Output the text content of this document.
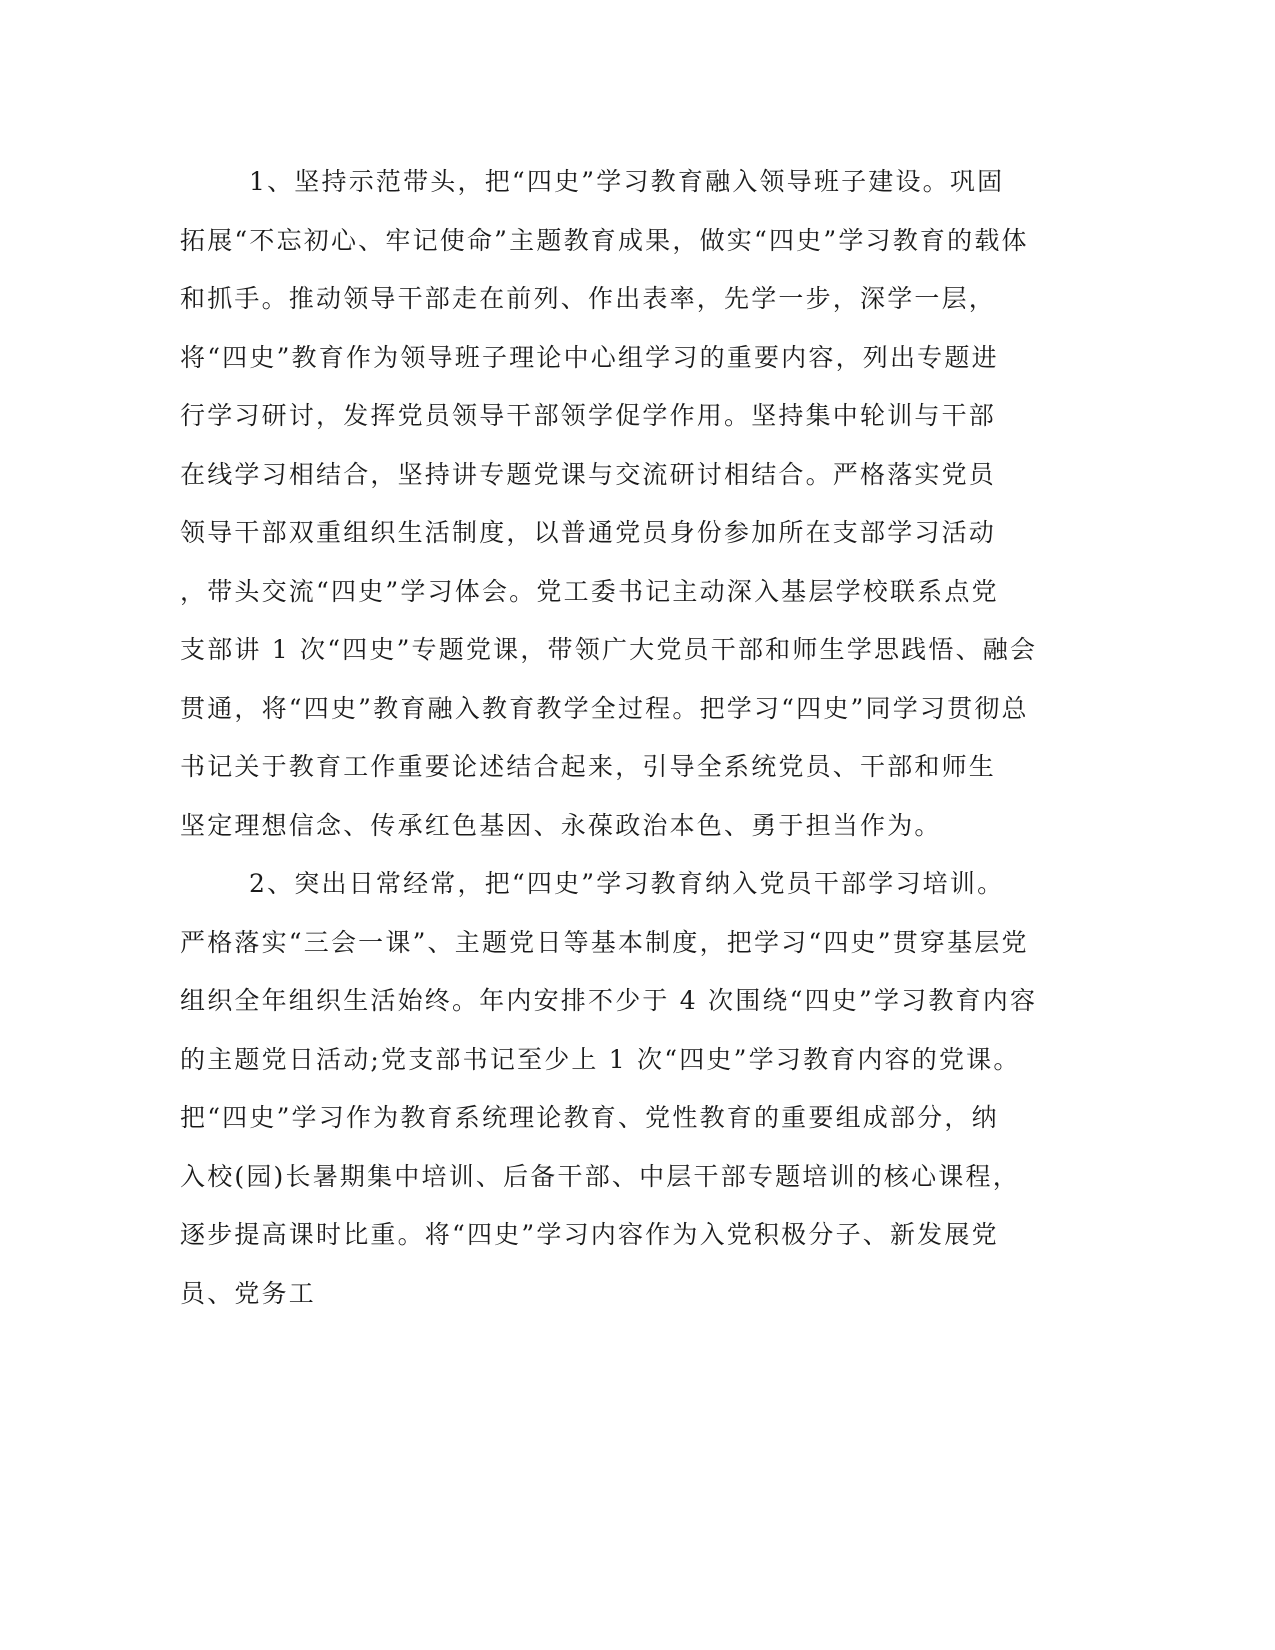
1、坚持示范带头，把“四史”学习教育融入领导班子建设。巩固
拓展“不忘初心、牢记使命”主题教育成果，做实“四史”学习教育的载体
和抓手。推动领导干部走在前列、作出表率，先学一步，深学一层，
将“四史”教育作为领导班子理论中心组学习的重要内容，列出专题进
行学习研讨，发挥党员领导干部领学促学作用。坚持集中轮训与干部
在线学习相结合，坚持讲专题党课与交流研讨相结合。严格落实党员
领导干部双重组织生活制度，以普通党员身份参加所在支部学习活动
，带头交流“四史”学习体会。党工委书记主动深入基层学校联系点党
支部讲 1 次“四史”专题党课，带领广大党员干部和师生学思践悟、融会
贯通，将“四史”教育融入教育教学全过程。把学习“四史”同学习贯彻总
书记关于教育工作重要论述结合起来，引导全系统党员、干部和师生
坚定理想信念、传承红色基因、永葆政治本色、勇于担当作为。
2、突出日常经常，把“四史”学习教育纳入党员干部学习培训。
严格落实“三会一课”、主题党日等基本制度，把学习“四史”贯穿基层党
组织全年组织生活始终。年内安排不少于 4 次围绕“四史”学习教育内容
的主题党日活动;党支部书记至少上 1 次“四史”学习教育内容的党课。
把“四史”学习作为教育系统理论教育、党性教育的重要组成部分，纳
入校(园)长暑期集中培训、后备干部、中层干部专题培训的核心课程，
逐步提高课时比重。将“四史”学习内容作为入党积极分子、新发展党
员、党务工
